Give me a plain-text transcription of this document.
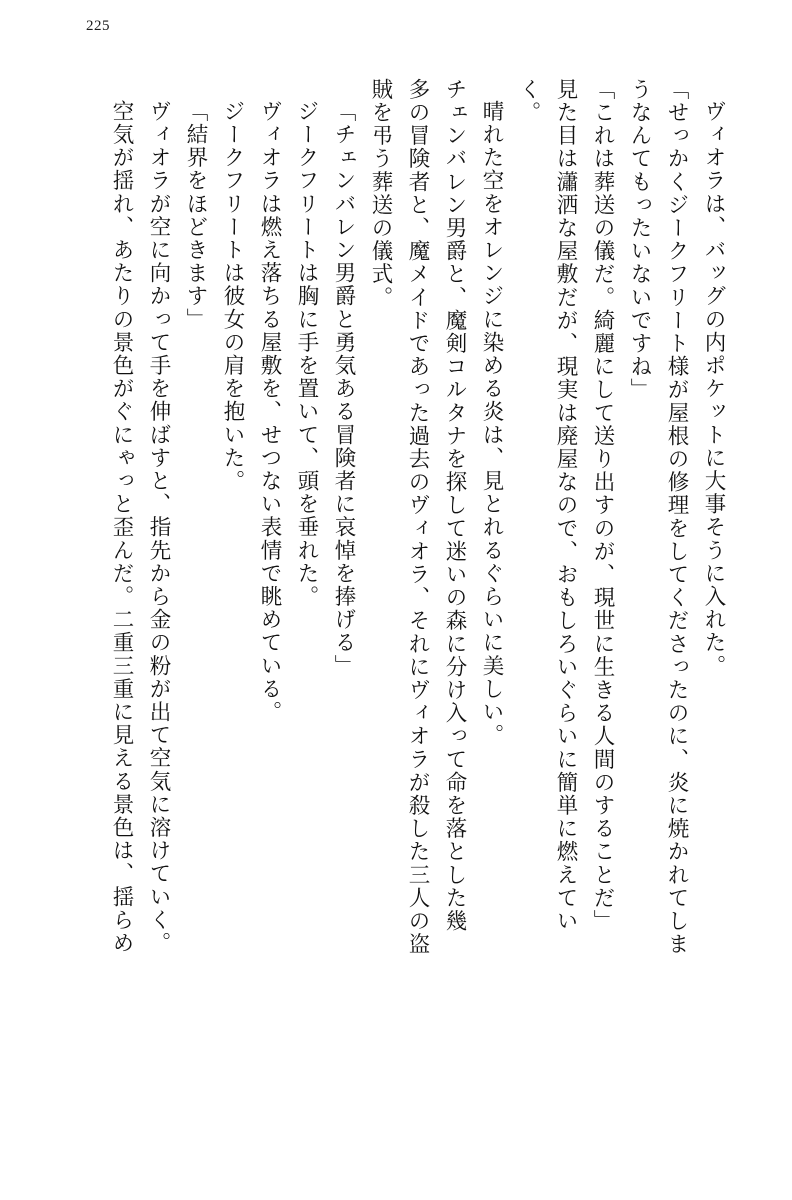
225
ヴィオラは、バッグの内ポケットに大事そうに入れた。
「せっかくジークフリート様が屋根の修理をしてくださったのに、炎に焼かれてしま
うなんてもったいないですね」
「これは葬送の儀だ。綺麗にして送り出すのが、現世に生きる人間のすることだ」
見た目は瀟洒な屋敷だが、現実は廃屋なので、おもしろいぐらいに簡単に燃えてい
く。
晴れた空をオレンジに染める炎は、見とれるぐらいに美しい。
チェンバレン男爵と、魔剣コルタナを探して迷いの森に分け入って命を落とした幾
多の冒険者と、魔メイドであった過去のヴィオラ、それにヴィオラが殺した三人の盗
賊を弔う葬送の儀式。
「チェンバレン男爵と勇気ある冒険者に哀悼を捧げる」
ジークフリートは胸に手を置いて、頭を垂れた。
ヴィオラは燃え落ちる屋敷を、せつない表情で眺めている。
ジークフリートは彼女の肩を抱いた。
「結界をほどきます」
ヴィオラが空に向かって手を伸ばすと、指先から金の粉が出て空気に溶けていく。
空気が揺れ、あたりの景色がぐにゃっと歪んだ。二重三重に見える景色は、揺らめ
